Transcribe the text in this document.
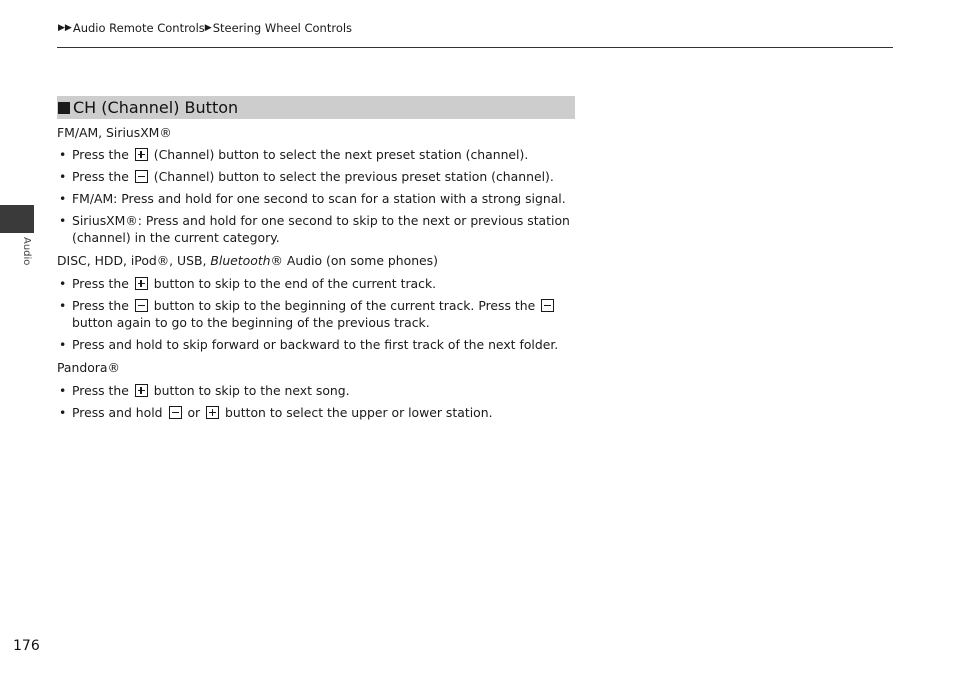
▶▶ Audio Remote Controls ▶ Steering Wheel Controls
Audio
CH (Channel) Button

FM/AM, SiriusXM®

• Press the (Channel) button to select the next preset station (channel).
• Press the (Channel) button to select the previous preset station (channel).
• FM/AM: Press and hold for one second to scan for a station with a strong signal.
• SiriusXM®: Press and hold for one second to skip to the next or previous station (channel) in the current category.

DISC, HDD, iPod®, USB, Bluetooth® Audio (on some phones)

• Press the button to skip to the end of the current track.
• Press the button to skip to the beginning of the current track. Press the  button again to go to the beginning of the previous track.
• Press and hold to skip forward or backward to the first track of the next folder.

Pandora®

• Press the button to skip to the next song.
• Press and hold or button to select the upper or lower station.
176
